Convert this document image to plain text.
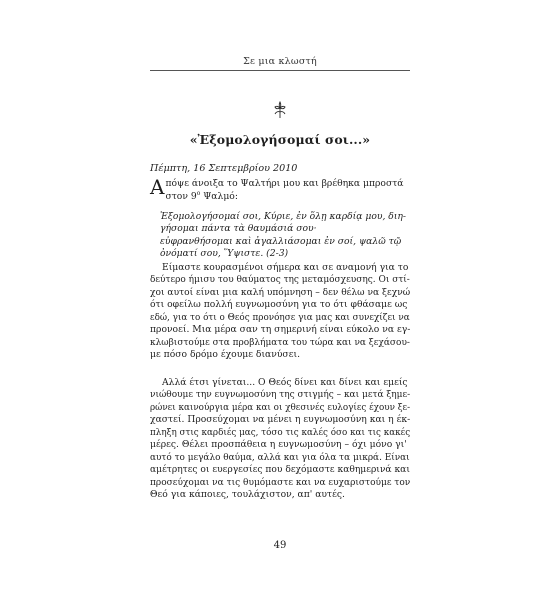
Σε μια κλωστή
«Ἐξομολογήσομαί σοι...»
Πέμπτη, 16 Σεπτεμβρίου 2010
Α πόψε άνοιξα το Ψαλτήρι μου και βρέθηκα μπροστά
στον $9^o$ Ψαλμό:
Ἐξομολογήσομαί σοι, Κύριε, ἐν ὅλῃ καρδίᾳ μου, διη-
γήσομαι πάντα τὰ θαυμάσιά σου·
εὐφρανθήσομαι καὶ ἀγαλλιάσομαι ἐν σοί, ψαλῶ τῷ
ὀνόματί σου, Ὕψιστε. (2-3)
Είμαστε κουρασμένοι σήμερα και σε αναμονή για το
δεύτερο ήμισυ του θαύματος της μεταμόσχευσης. Οι στί-
χοι αυτοί είναι μια καλή υπόμνηση – δεν θέλω να ξεχνώ
ότι οφείλω πολλή ευγνωμοσύνη για το ότι φθάσαμε ως
εδώ, για το ότι ο Θεός προνόησε για μας και συνεχίζει να
προνοεί. Μια μέρα σαν τη σημερινή είναι εύκολο να εγ-
κλωβιστούμε στα προβλήματα του τώρα και να ξεχάσου-
με πόσο δρόμο έχουμε διανύσει.
Αλλά έτσι γίνεται... Ο Θεός δίνει και δίνει και εμείς
νιώθουμε την ευγνωμοσύνη της στιγμής – και μετά ξημε-
ρώνει καινούργια μέρα και οι χθεσινές ευλογίες έχουν ξε-
χαστεί. Προσεύχομαι να μένει η ευγνωμοσύνη και η έκ-
πληξη στις καρδιές μας, τόσο τις καλές όσο και τις κακές
μέρες. Θέλει προσπάθεια η ευγνωμοσύνη – όχι μόνο γι'
αυτό το μεγάλο θαύμα, αλλά και για όλα τα μικρά. Είναι
αμέτρητες οι ευεργεσίες που δεχόμαστε καθημερινά και
προσεύχομαι να τις θυμόμαστε και να ευχαριστούμε τον
Θεό για κάποιες, τουλάχιστον, απ' αυτές.
49
